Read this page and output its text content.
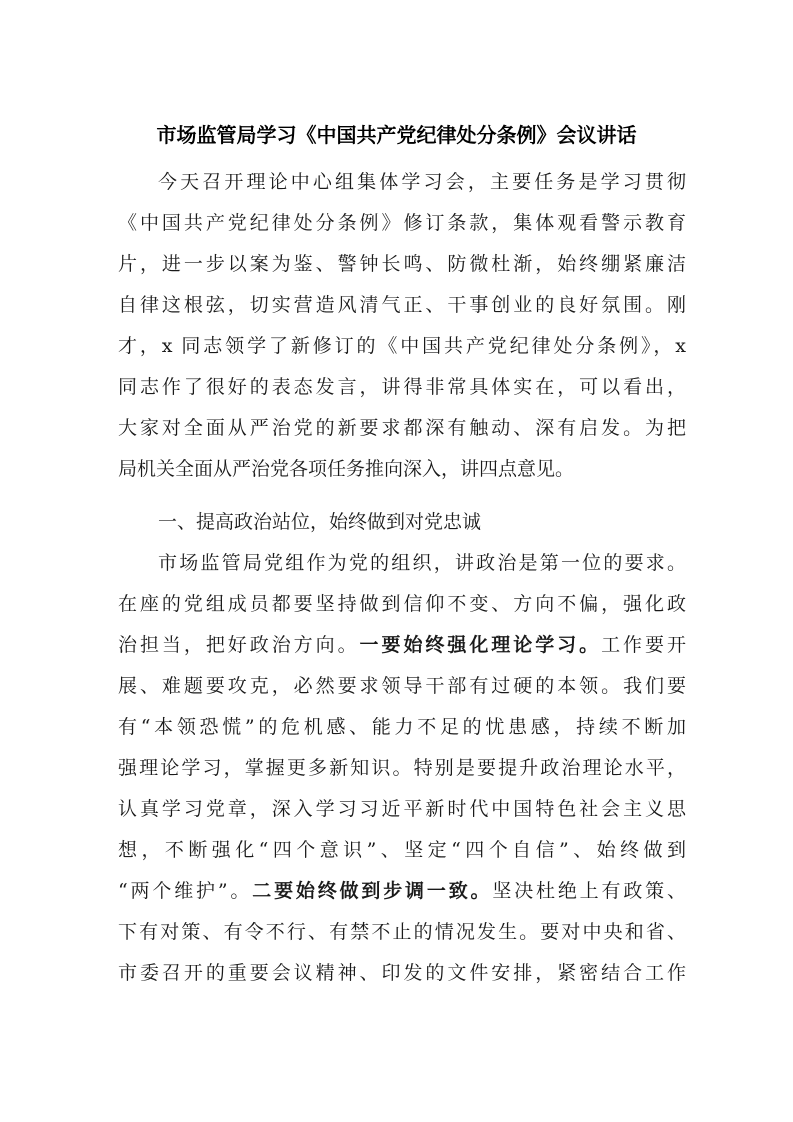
市场监管局学习《中国共产党纪律处分条例》会议讲话

今天召开理论中心组集体学习会，主要任务是学习贯彻

《中国共产党纪律处分条例》修订条款，集体观看警示教育

片，进一步以案为鉴、警钟长鸣、防微杜渐，始终绷紧廉洁

自律这根弦，切实营造风清气正、干事创业的良好氛围。刚

才，x 同志领学了新修订的《中国共产党纪律处分条例》，x

同志作了很好的表态发言，讲得非常具体实在，可以看出，

大家对全面从严治党的新要求都深有触动、深有启发。为把

局机关全面从严治党各项任务推向深入，讲四点意见。

一、提高政治站位，始终做到对党忠诚

市场监管局党组作为党的组织，讲政治是第一位的要求。

在座的党组成员都要坚持做到信仰不变、方向不偏，强化政

治担当，把好政治方向。一要始终强化理论学习。工作要开

展、难题要攻克，必然要求领导干部有过硬的本领。我们要

有“本领恐慌”的危机感、能力不足的忧患感，持续不断加

强理论学习，掌握更多新知识。特别是要提升政治理论水平，

认真学习党章，深入学习习近平新时代中国特色社会主义思

想，不断强化“四个意识”、坚定“四个自信”、始终做到

“两个维护”。二要始终做到步调一致。坚决杜绝上有政策、

下有对策、有令不行、有禁不止的情况发生。要对中央和省、

市委召开的重要会议精神、印发的文件安排，紧密结合工作
